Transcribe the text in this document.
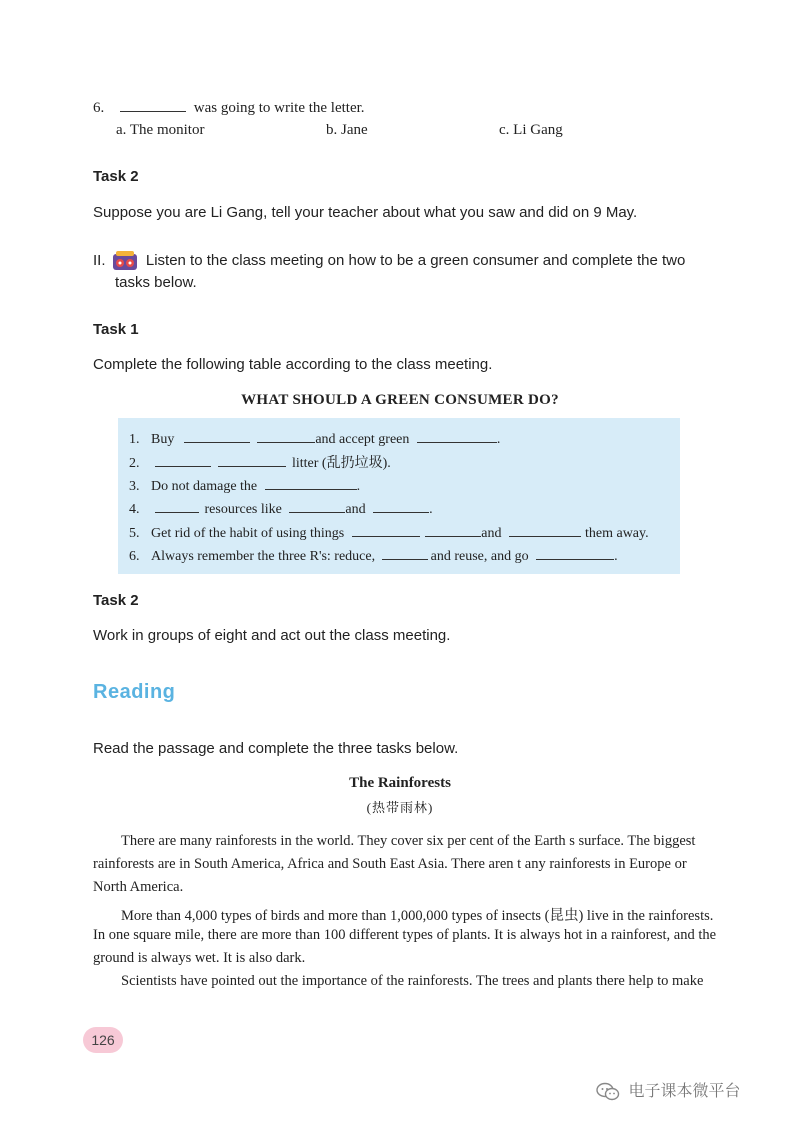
6.	was going to write the letter.
a. The monitor	b. Jane	c. Li Gang
Task 2
Suppose you are Li Gang, tell your teacher about what you saw and did on 9 May.
II.	Listen to the class meeting on how to be a green consumer and complete the two
tasks below.
Task 1
Complete the following table according to the class meeting.
WHAT SHOULD A GREEN CONSUMER DO?
1. Buy	and accept green	.
2.	litter (乱扔垃圾).
3. Do not damage the	.
4.	resources like	and	.
5. Get rid of the habit of using things	and	them away.
6. Always remember the three R's: reduce,	and reuse, and go	.
Task 2
Work in groups of eight and act out the class meeting.
Reading
Read the passage and complete the three tasks below.
The Rainforests
(热带雨林)
There are many rainforests in the world. They cover six per cent of the Earth s surface. The biggest
rainforests are in South America, Africa and South East Asia. There aren t any rainforests in Europe or
North America.
More than 4,000 types of birds and more than 1,000,000 types of insects (昆虫) live in the rainforests.
In one square mile, there are more than 100 different types of plants. It is always hot in a rainforest, and the
ground is always wet. It is also dark.
Scientists have pointed out the importance of the rainforests. The trees and plants there help to make
126
电子课本微平台
